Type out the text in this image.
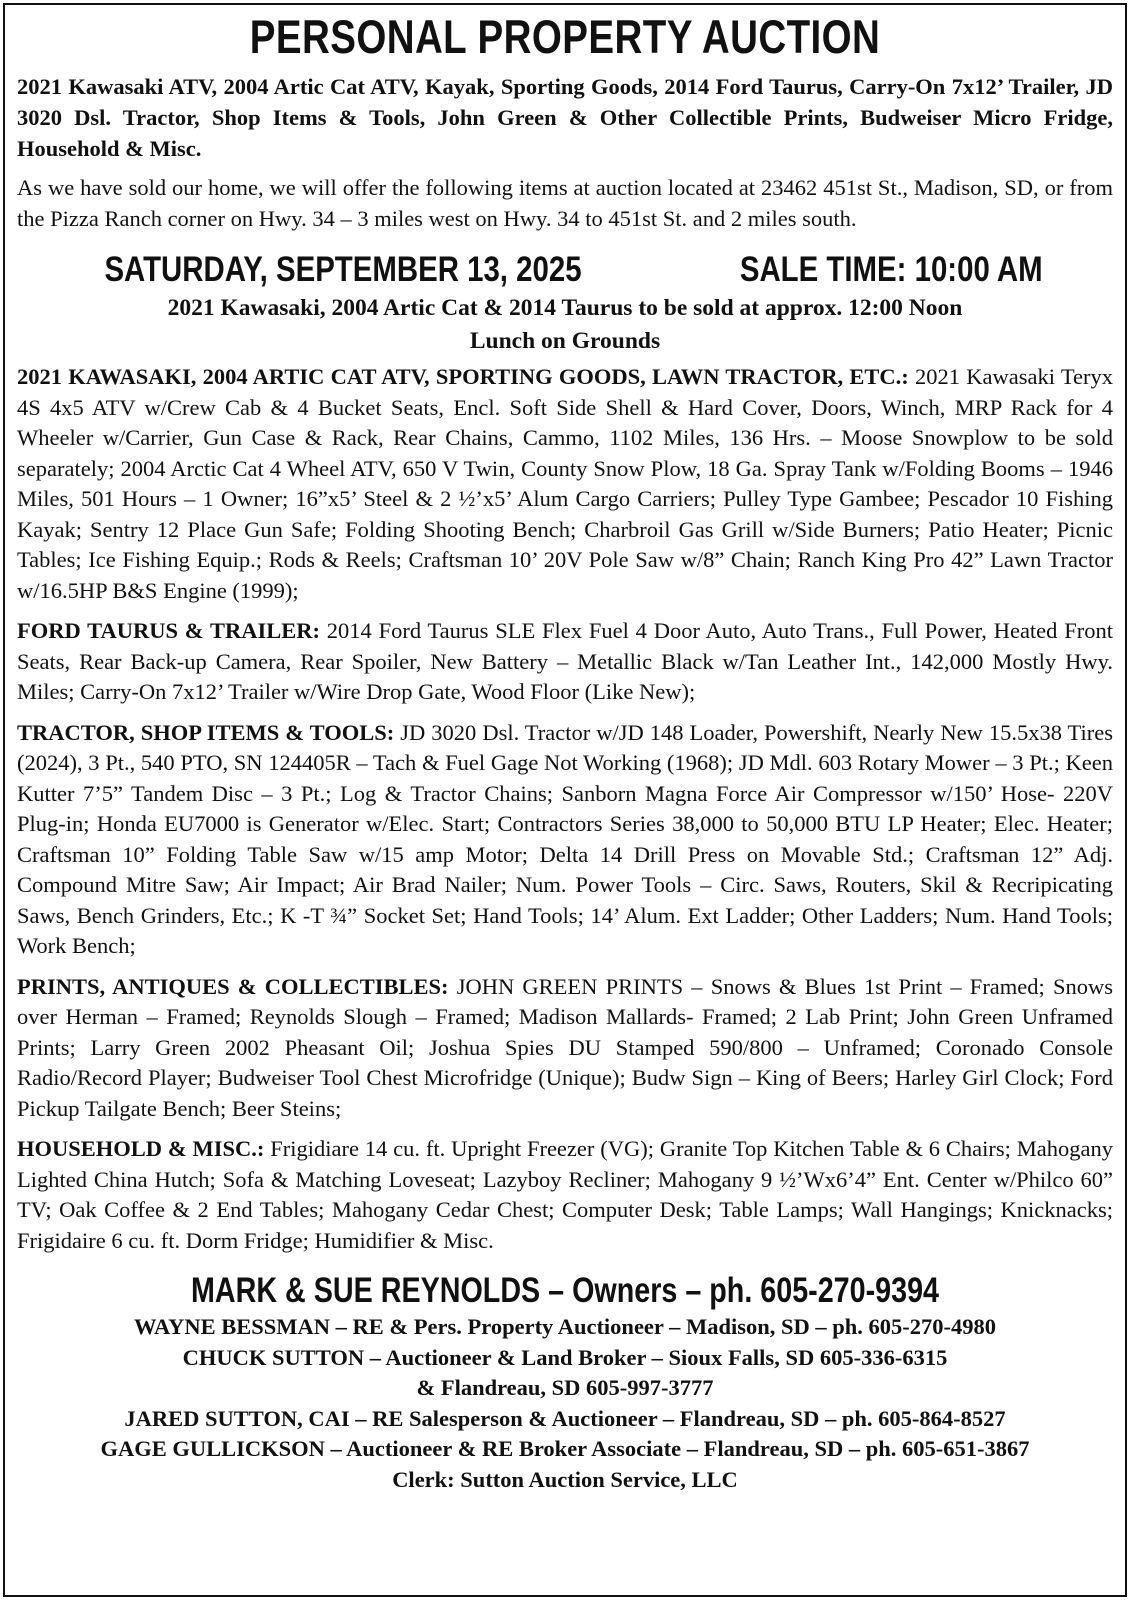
PERSONAL PROPERTY AUCTION

2021 Kawasaki ATV, 2004 Artic Cat ATV, Kayak, Sporting Goods, 2014 Ford Taurus, Carry-On 7x12’ Trailer, JD 3020 Dsl. Tractor, Shop Items & Tools, John Green & Other Collectible Prints, Budweiser Micro Fridge, Household & Misc.

As we have sold our home, we will offer the following items at auction located at 23462 451st St., Madison, SD, or from the Pizza Ranch corner on Hwy. 34 – 3 miles west on Hwy. 34 to 451st St. and 2 miles south.

SATURDAY, SEPTEMBER 13, 2025	SALE TIME: 10:00 AM

2021 Kawasaki, 2004 Artic Cat & 2014 Taurus to be sold at approx. 12:00 Noon

Lunch on Grounds

2021 KAWASAKI, 2004 ARTIC CAT ATV, SPORTING GOODS, LAWN TRACTOR, ETC.: 2021 Kawasaki Teryx 4S 4x5 ATV w/Crew Cab & 4 Bucket Seats, Encl. Soft Side Shell & Hard Cover, Doors, Winch, MRP Rack for 4 Wheeler w/Carrier, Gun Case & Rack, Rear Chains, Cammo, 1102 Miles, 136 Hrs. – Moose Snowplow to be sold separately; 2004 Arctic Cat 4 Wheel ATV, 650 V Twin, County Snow Plow, 18 Ga. Spray Tank w/Folding Booms – 1946 Miles, 501 Hours – 1 Owner; 16”x5’ Steel & 2 ½’x5’ Alum Cargo Carriers; Pulley Type Gambee; Pescador 10 Fishing Kayak; Sentry 12 Place Gun Safe; Folding Shooting Bench; Charbroil Gas Grill w/Side Burners; Patio Heater; Picnic Tables; Ice Fishing Equip.; Rods & Reels; Craftsman 10’ 20V Pole Saw w/8” Chain; Ranch King Pro 42” Lawn Tractor w/16.5HP B&S Engine (1999);

FORD TAURUS & TRAILER: 2014 Ford Taurus SLE Flex Fuel 4 Door Auto, Auto Trans., Full Power, Heated Front Seats, Rear Back-up Camera, Rear Spoiler, New Battery – Metallic Black w/Tan Leather Int., 142,000 Mostly Hwy. Miles; Carry-On 7x12’ Trailer w/Wire Drop Gate, Wood Floor (Like New);

TRACTOR, SHOP ITEMS & TOOLS: JD 3020 Dsl. Tractor w/JD 148 Loader, Powershift, Nearly New 15.5x38 Tires (2024), 3 Pt., 540 PTO, SN 124405R – Tach & Fuel Gage Not Working (1968); JD Mdl. 603 Rotary Mower – 3 Pt.; Keen Kutter 7’5” Tandem Disc – 3 Pt.; Log & Tractor Chains; Sanborn Magna Force Air Compressor w/150’ Hose- 220V Plug-in; Honda EU7000 is Generator w/Elec. Start; Contractors Series 38,000 to 50,000 BTU LP Heater; Elec. Heater; Craftsman 10” Folding Table Saw w/15 amp Motor; Delta 14 Drill Press on Movable Std.; Craftsman 12” Adj. Compound Mitre Saw; Air Impact; Air Brad Nailer; Num. Power Tools – Circ. Saws, Routers, Skil & Recripicating Saws, Bench Grinders, Etc.; K -T ¾” Socket Set; Hand Tools; 14’ Alum. Ext Ladder; Other Ladders; Num. Hand Tools; Work Bench;

PRINTS, ANTIQUES & COLLECTIBLES: JOHN GREEN PRINTS – Snows & Blues 1st Print – Framed; Snows over Herman – Framed; Reynolds Slough – Framed; Madison Mallards- Framed; 2 Lab Print; John Green Unframed Prints; Larry Green 2002 Pheasant Oil; Joshua Spies DU Stamped 590/800 – Unframed; Coronado Console Radio/Record Player; Budweiser Tool Chest Microfridge (Unique); Budw Sign – King of Beers; Harley Girl Clock; Ford Pickup Tailgate Bench; Beer Steins;

HOUSEHOLD & MISC.: Frigidiare 14 cu. ft. Upright Freezer (VG); Granite Top Kitchen Table & 6 Chairs; Mahogany Lighted China Hutch; Sofa & Matching Loveseat; Lazyboy Recliner; Mahogany 9 ½’Wx6’4” Ent. Center w/Philco 60” TV; Oak Coffee & 2 End Tables; Mahogany Cedar Chest; Computer Desk; Table Lamps; Wall Hangings; Knicknacks; Frigidaire 6 cu. ft. Dorm Fridge; Humidifier & Misc.

MARK & SUE REYNOLDS – Owners – ph. 605-270-9394

WAYNE BESSMAN – RE & Pers. Property Auctioneer – Madison, SD – ph. 605-270-4980

CHUCK SUTTON – Auctioneer & Land Broker – Sioux Falls, SD 605-336-6315

& Flandreau, SD 605-997-3777

JARED SUTTON, CAI – RE Salesperson & Auctioneer – Flandreau, SD – ph. 605-864-8527

GAGE GULLICKSON – Auctioneer & RE Broker Associate – Flandreau, SD – ph. 605-651-3867

Clerk: Sutton Auction Service, LLC
